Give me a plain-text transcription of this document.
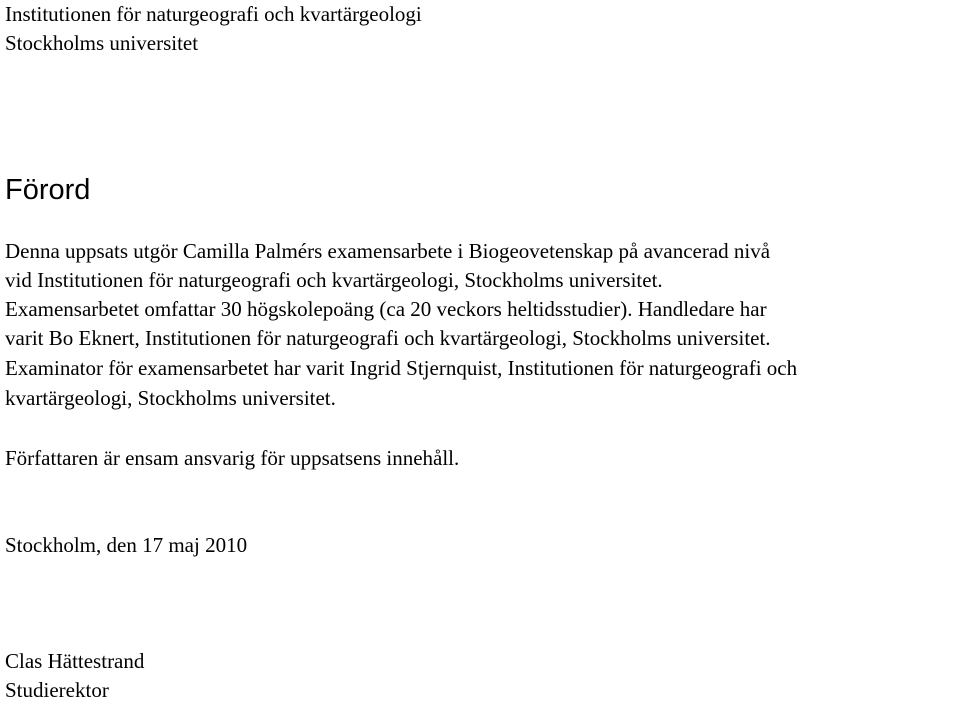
Institutionen för naturgeografi och kvartärgeologi

Stockholms universitet

Förord

Denna uppsats utgör Camilla Palmérs examensarbete i Biogeovetenskap på avancerad nivå

vid Institutionen för naturgeografi och kvartärgeologi, Stockholms universitet.

Examensarbetet omfattar 30 högskolepoäng (ca 20 veckors heltidsstudier). Handledare har

varit Bo Eknert, Institutionen för naturgeografi och kvartärgeologi, Stockholms universitet.

Examinator för examensarbetet har varit Ingrid Stjernquist, Institutionen för naturgeografi och

kvartärgeologi, Stockholms universitet.

Författaren är ensam ansvarig för uppsatsens innehåll.

Stockholm, den 17 maj 2010

Clas Hättestrand

Studierektor
